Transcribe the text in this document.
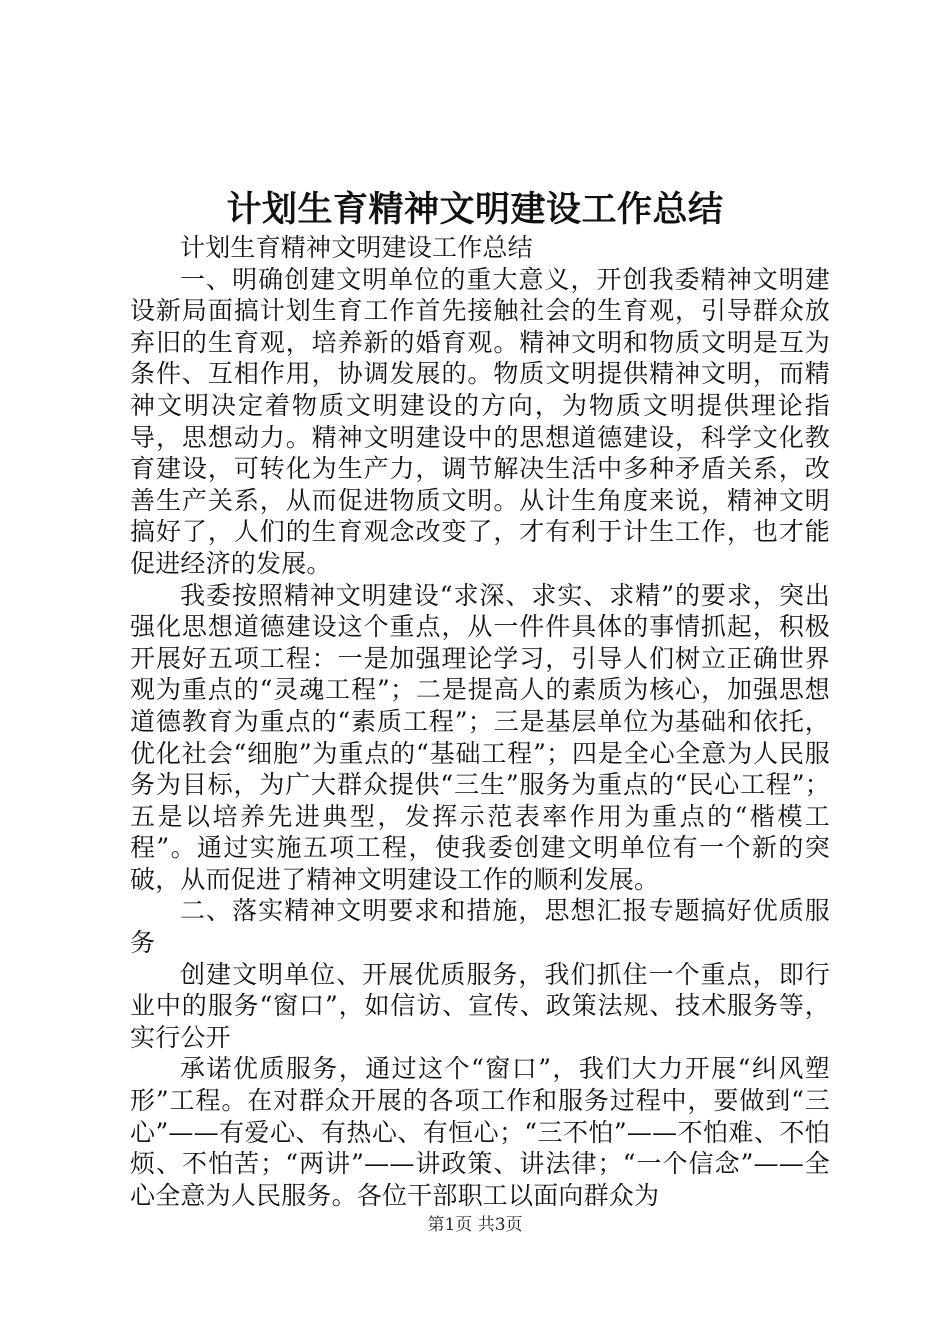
计划生育精神文明建设工作总结

计划生育精神文明建设工作总结

一、明确创建文明单位的重大意义，开创我委精神文明建设新局面搞计划生育工作首先接触社会的生育观，引导群众放弃旧的生育观，培养新的婚育观。精神文明和物质文明是互为条件、互相作用，协调发展的。物质文明提供精神文明，而精神文明决定着物质文明建设的方向，为物质文明提供理论指导，思想动力。精神文明建设中的思想道德建设，科学文化教育建设，可转化为生产力，调节解决生活中多种矛盾关系，改善生产关系，从而促进物质文明。从计生角度来说，精神文明搞好了，人们的生育观念改变了，才有利于计生工作，也才能促进经济的发展。

我委按照精神文明建设“求深、求实、求精”的要求，突出强化思想道德建设这个重点，从一件件具体的事情抓起，积极开展好五项工程：一是加强理论学习，引导人们树立正确世界观为重点的“灵魂工程”；二是提高人的素质为核心，加强思想道德教育为重点的“素质工程”；三是基层单位为基础和依托，优化社会“细胞”为重点的“基础工程”；四是全心全意为人民服务为目标，为广大群众提供“三生”服务为重点的“民心工程”；五是以培养先进典型，发挥示范表率作用为重点的“楷模工程”。通过实施五项工程，使我委创建文明单位有一个新的突破，从而促进了精神文明建设工作的顺利发展。

二、落实精神文明要求和措施，思想汇报专题搞好优质服务

创建文明单位、开展优质服务，我们抓住一个重点，即行业中的服务“窗口”，如信访、宣传、政策法规、技术服务等，实行公开

承诺优质服务，通过这个“窗口”，我们大力开展“纠风塑形”工程。在对群众开展的各项工作和服务过程中，要做到“三心”——有爱心、有热心、有恒心；“三不怕”——不怕难、不怕烦、不怕苦；“两讲”——讲政策、讲法律；“一个信念”——全心全意为人民服务。各位干部职工以面向群众为

第1页 共3页
